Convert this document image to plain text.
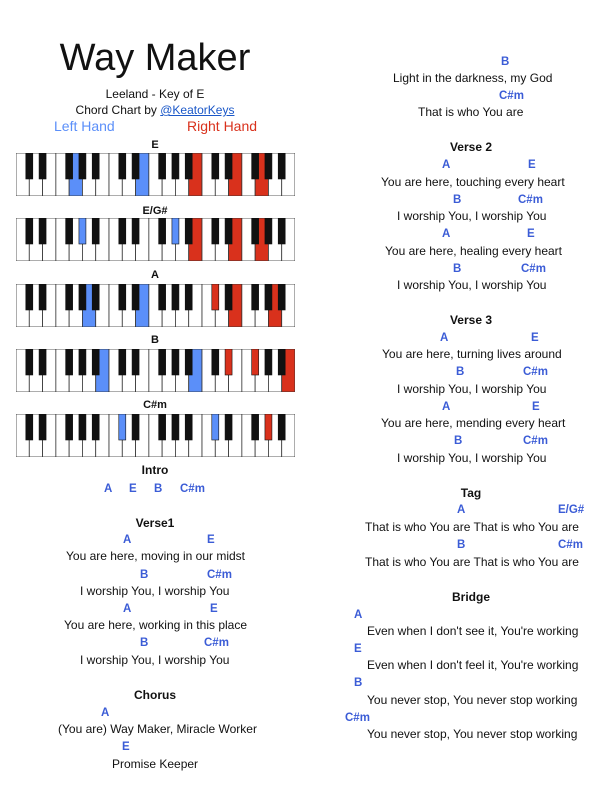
Way Maker
Leeland - Key of E
Chord Chart by @KeatorKeys
Left Hand	Right Hand
E
E/G#
A
B
C#m
Intro
A E B C#m
Verse1
A	E
You are here, moving in our midst
B	C#m
I worship You, I worship You
A	E
You are here, working in this place
B	C#m
I worship You, I worship You
Chorus
A
(You are) Way Maker, Miracle Worker
E
Promise Keeper
B
Light in the darkness, my God
C#m
That is who You are
Verse 2
A	E
You are here, touching every heart
B	C#m
I worship You, I worship You
A	E
You are here, healing every heart
B	C#m
I worship You, I worship You
Verse 3
A	E
You are here, turning lives around
B	C#m
I worship You, I worship You
A	E
You are here, mending every heart
B	C#m
I worship You, I worship You
Tag
A	E/G#
That is who You are That is who You are
B	C#m
That is who You are That is who You are
Bridge
A
Even when I don't see it, You're working
E
Even when I don't feel it, You're working
B
You never stop, You never stop working
C#m
You never stop, You never stop working
